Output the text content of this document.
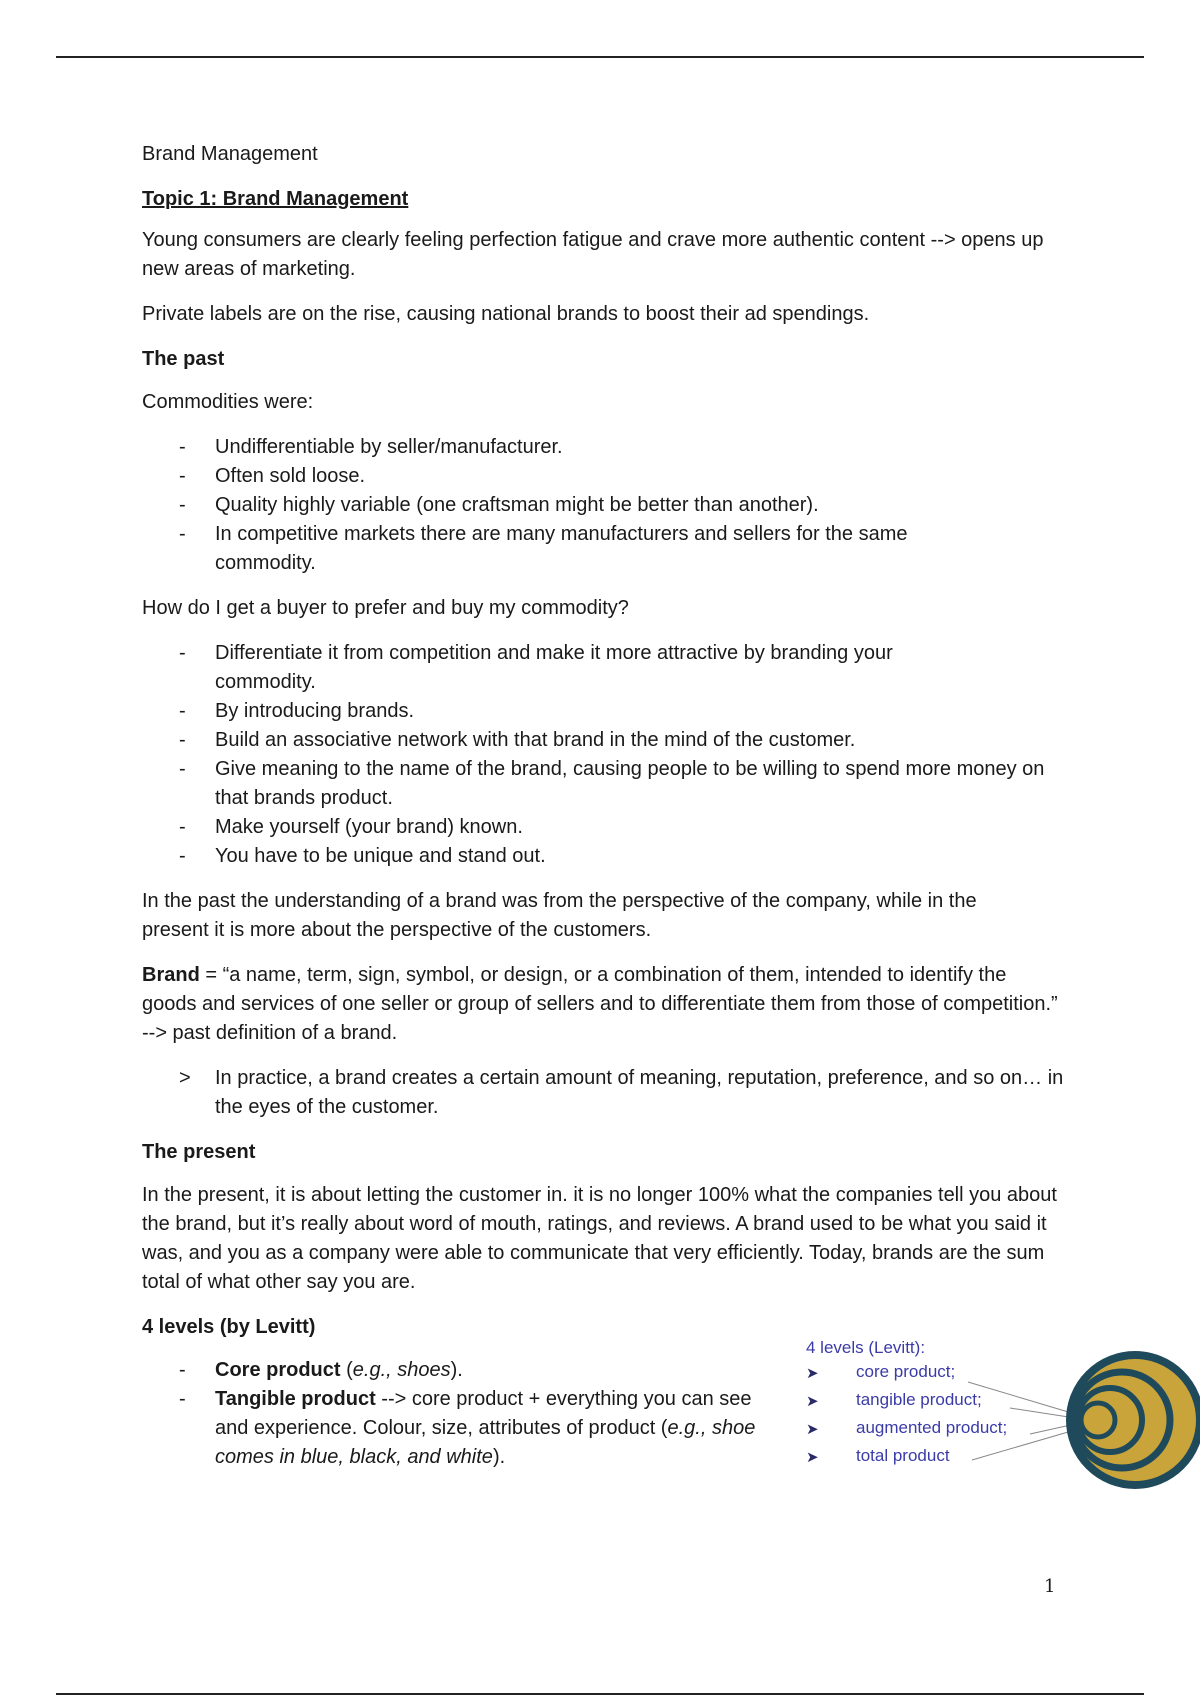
Brand Management

Topic 1: Brand Management

Young consumers are clearly feeling perfection fatigue and crave more authentic content --> opens up new areas of marketing.

Private labels are on the rise, causing national brands to boost their ad spendings.

The past

Commodities were:

- Undifferentiable by seller/manufacturer.
- Often sold loose.
- Quality highly variable (one craftsman might be better than another).
- In competitive markets there are many manufacturers and sellers for the same commodity.

How do I get a buyer to prefer and buy my commodity?

- Differentiate it from competition and make it more attractive by branding your commodity.
- By introducing brands.
- Build an associative network with that brand in the mind of the customer.
- Give meaning to the name of the brand, causing people to be willing to spend more money on that brands product.
- Make yourself (your brand) known.
- You have to be unique and stand out.

In the past the understanding of a brand was from the perspective of the company, while in the present it is more about the perspective of the customers.

Brand = “a name, term, sign, symbol, or design, or a combination of them, intended to identify the goods and services of one seller or group of sellers and to differentiate them from those of competition.” --> past definition of a brand.

> In practice, a brand creates a certain amount of meaning, reputation, preference, and so on… in the eyes of the customer.

The present

In the present, it is about letting the customer in. it is no longer 100% what the companies tell you about the brand, but it’s really about word of mouth, ratings, and reviews. A brand used to be what you said it was, and you as a company were able to communicate that very efficiently. Today, brands are the sum total of what other say you are.

4 levels (by Levitt)

- Core product (e.g., shoes).
- Tangible product --> core product + everything you can see and experience. Colour, size, attributes of product (e.g., shoe comes in blue, black, and white).
4 levels (Levitt):
➤ core product;
➤ tangible product;
➤ augmented product;
➤ total product
1
